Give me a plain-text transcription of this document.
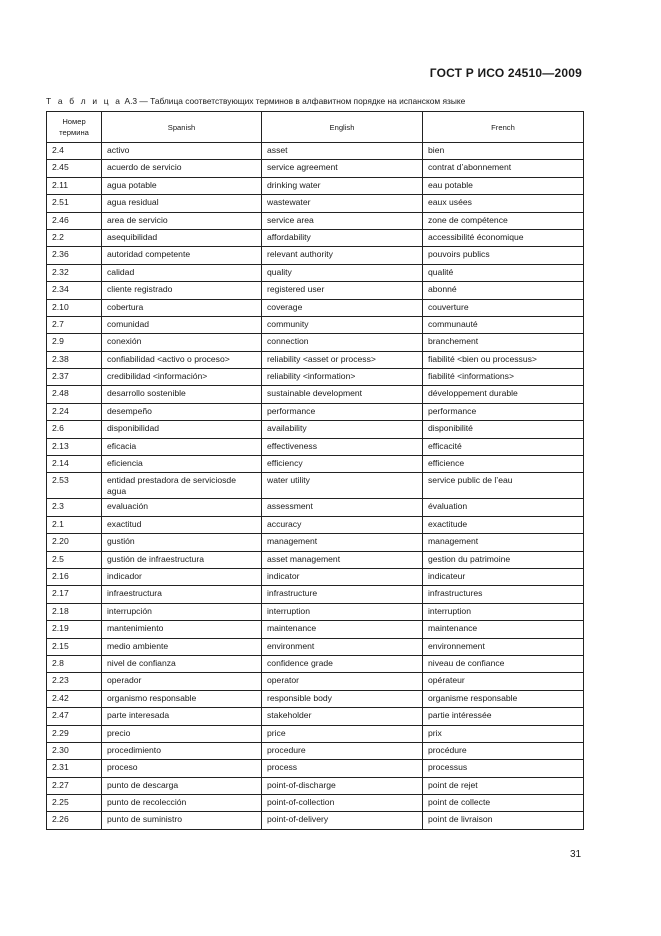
ГОСТ Р ИСО 24510—2009
Т а б л и ц а А.3 — Таблица соответствующих терминов в алфавитном порядке на испанском языке
Номер термина	Spanish	English	French
2.4	activo	asset	bien
2.45	acuerdo de servicio	service agreement	contrat d’abonnement
2.11	agua potable	drinking water	eau potable
2.51	agua residual	wastewater	eaux usées
2.46	area de servicio	service area	zone de compétence
2.2	asequibilidad	affordability	accessibilité économique
2.36	autoridad competente	relevant authority	pouvoirs publics
2.32	calidad	quality	qualité
2.34	cliente registrado	registered user	abonné
2.10	cobertura	coverage	couverture
2.7	comunidad	community	communauté
2.9	conexión	connection	branchement
2.38	confiabilidad <activo o proceso>	reliability <asset or process>	fiabilité <bien ou processus>
2.37	credibilidad <información>	reliability <information>	fiabilité <informations>
2.48	desarrollo sostenible	sustainable development	développement durable
2.24	desempeño	performance	performance
2.6	disponibilidad	availability	disponibilité
2.13	eficacia	effectiveness	efficacité
2.14	eficiencia	efficiency	efficience
2.53	entidad prestadora de serviciosde agua	water utility	service public de l’eau
2.3	evaluación	assessment	évaluation
2.1	exactitud	accuracy	exactitude
2.20	gustión	management	management
2.5	gustión de infraestructura	asset management	gestion du patrimoine
2.16	indicador	indicator	indicateur
2.17	infraestructura	infrastructure	infrastructures
2.18	interrupción	interruption	interruption
2.19	mantenimiento	maintenance	maintenance
2.15	medio ambiente	environment	environnement
2.8	nivel de confianza	confidence grade	niveau de confiance
2.23	operador	operator	opérateur
2.42	organismo responsable	responsible body	organisme responsable
2.47	parte interesada	stakeholder	partie intéressée
2.29	precio	price	prix
2.30	procedimiento	procedure	procédure
2.31	proceso	process	processus
2.27	punto de descarga	point-of-discharge	point de rejet
2.25	punto de recolección	point-of-collection	point de collecte
2.26	punto de suministro	point-of-delivery	point de livraison
31
